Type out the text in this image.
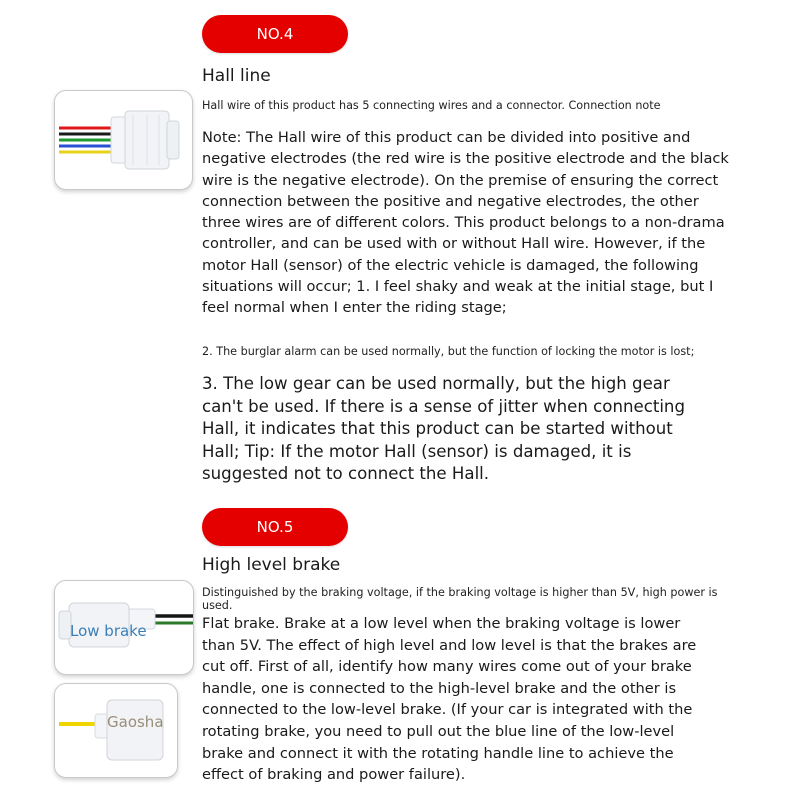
NO.4
Hall line
Hall wire of this product has 5 connecting wires and a connector. Connection note
Note: The Hall wire of this product can be divided into positive and negative electrodes (the red wire is the positive electrode and the black wire is the negative electrode). On the premise of ensuring the correct connection between the positive and negative electrodes, the other three wires are of different colors. This product belongs to a non-drama controller, and can be used with or without Hall wire. However, if the motor Hall (sensor) of the electric vehicle is damaged, the following situations will occur; 1. I feel shaky and weak at the initial stage, but I feel normal when I enter the riding stage;
2. The burglar alarm can be used normally, but the function of locking the motor is lost;
3. The low gear can be used normally, but the high gear can't be used. If there is a sense of jitter when connecting Hall, it indicates that this product can be started without Hall; Tip: If the motor Hall (sensor) is damaged, it is suggested not to connect the Hall.
NO.5
High level brake
Distinguished by the braking voltage, if the braking voltage is higher than 5V, high power is used.
Flat brake. Brake at a low level when the braking voltage is lower than 5V. The effect of high level and low level is that the brakes are cut off. First of all, identify how many wires come out of your brake handle, one is connected to the high-level brake and the other is connected to the low-level brake. (If your car is integrated with the rotating brake, you need to pull out the blue line of the low-level brake and connect it with the rotating handle line to achieve the effect of braking and power failure).
Low brake
Gaosha
